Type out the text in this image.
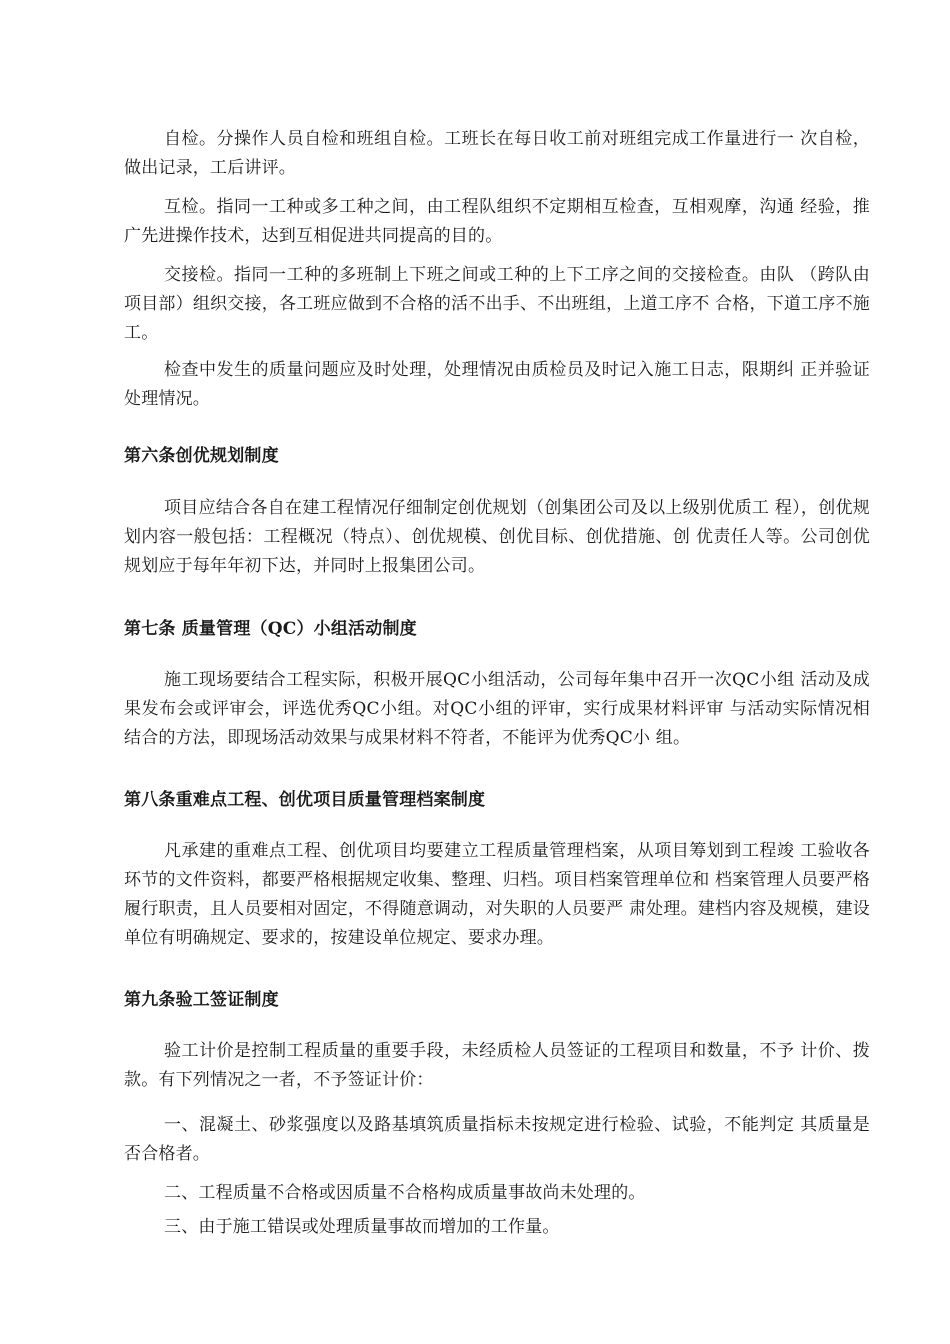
自检。分操作人员自检和班组自检。工班长在每日收工前对班组完成工作量进行一 次自检，做出记录，工后讲评。

互检。指同一工种或多工种之间，由工程队组织不定期相互检查，互相观摩，沟通 经验，推广先进操作技术，达到互相促进共同提高的目的。

交接检。指同一工种的多班制上下班之间或工种的上下工序之间的交接检查。由队 （跨队由项目部）组织交接，各工班应做到不合格的活不出手、不出班组，上道工序不 合格，下道工序不施工。

检查中发生的质量问题应及时处理，处理情况由质检员及时记入施工日志，限期纠 正并验证处理情况。

第六条创优规划制度

项目应结合各自在建工程情况仔细制定创优规划（创集团公司及以上级别优质工 程），创优规划内容一般包括：工程概况（特点）、创优规模、创优目标、创优措施、创 优责任人等。公司创优规划应于每年年初下达，并同时上报集团公司。

第七条 质量管理（QC）小组活动制度

施工现场要结合工程实际，积极开展QC小组活动，公司每年集中召开一次QC小组 活动及成果发布会或评审会，评选优秀QC小组。对QC小组的评审，实行成果材料评审 与活动实际情况相结合的方法，即现场活动效果与成果材料不符者，不能评为优秀QC小 组。

第八条重难点工程、创优项目质量管理档案制度

凡承建的重难点工程、创优项目均要建立工程质量管理档案，从项目筹划到工程竣 工验收各环节的文件资料，都要严格根据规定收集、整理、归档。项目档案管理单位和 档案管理人员要严格履行职责，且人员要相对固定，不得随意调动，对失职的人员要严 肃处理。建档内容及规模，建设单位有明确规定、要求的，按建设单位规定、要求办理。

第九条验工签证制度

验工计价是控制工程质量的重要手段，未经质检人员签证的工程项目和数量，不予 计价、拨款。有下列情况之一者，不予签证计价：

一、混凝土、砂浆强度以及路基填筑质量指标未按规定进行检验、试验，不能判定 其质量是否合格者。

二、工程质量不合格或因质量不合格构成质量事故尚未处理的。

三、由于施工错误或处理质量事故而增加的工作量。
